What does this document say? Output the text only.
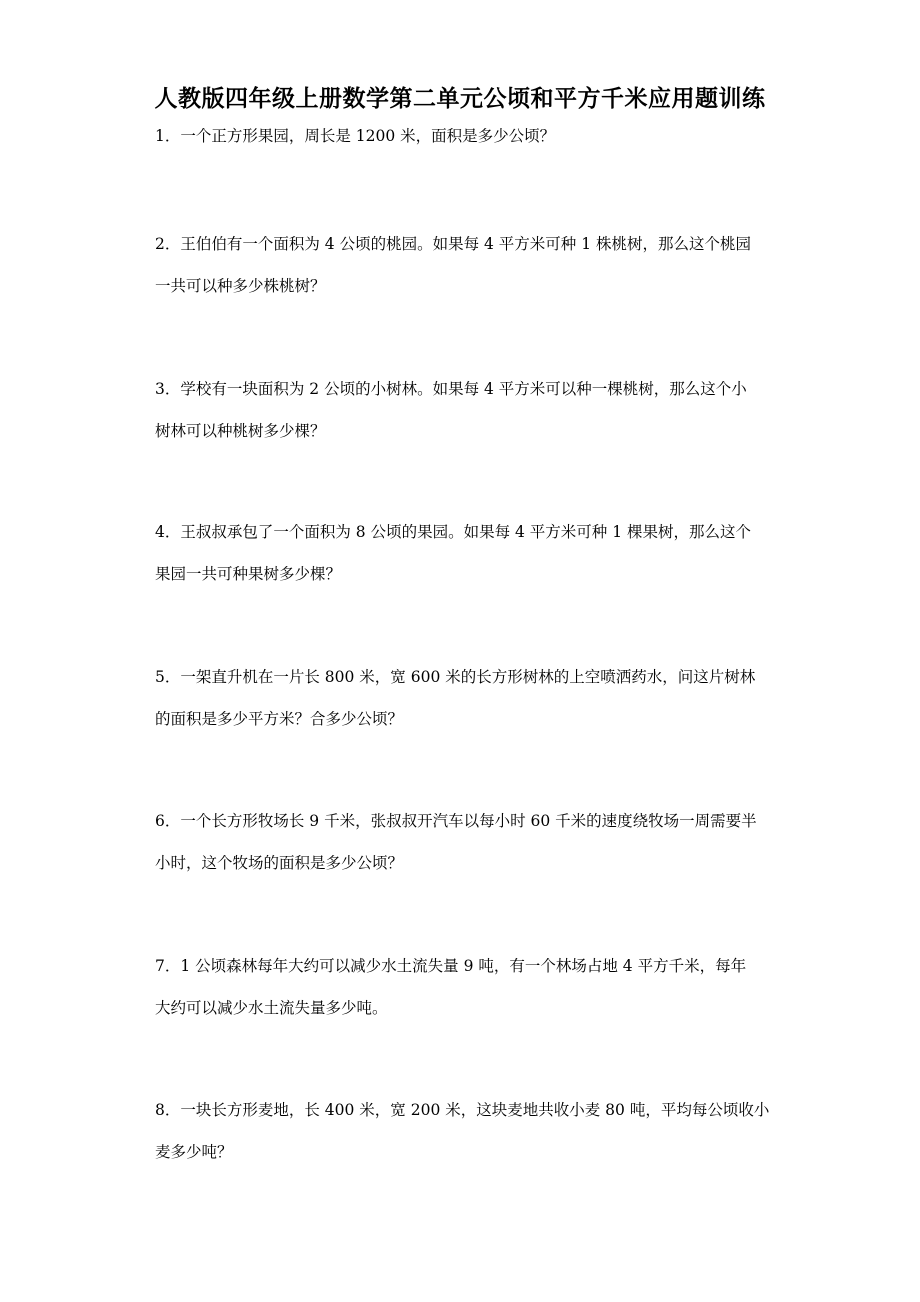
人教版四年级上册数学第二单元公顷和平方千米应用题训练
1．一个正方形果园，周长是 1200 米，面积是多少公顷？
2．王伯伯有一个面积为 4 公顷的桃园。如果每 4 平方米可种 1 株桃树，那么这个桃园
一共可以种多少株桃树？
3．学校有一块面积为 2 公顷的小树林。如果每 4 平方米可以种一棵桃树，那么这个小
树林可以种桃树多少棵？
4．王叔叔承包了一个面积为 8 公顷的果园。如果每 4 平方米可种 1 棵果树，那么这个
果园一共可种果树多少棵？
5．一架直升机在一片长 800 米，宽 600 米的长方形树林的上空喷洒药水，问这片树林
的面积是多少平方米？合多少公顷？
6．一个长方形牧场长 9 千米，张叔叔开汽车以每小时 60 千米的速度绕牧场一周需要半
小时，这个牧场的面积是多少公顷？
7．1 公顷森林每年大约可以减少水土流失量 9 吨，有一个林场占地 4 平方千米，每年
大约可以减少水土流失量多少吨。
8．一块长方形麦地，长 400 米，宽 200 米，这块麦地共收小麦 80 吨，平均每公顷收小
麦多少吨？
